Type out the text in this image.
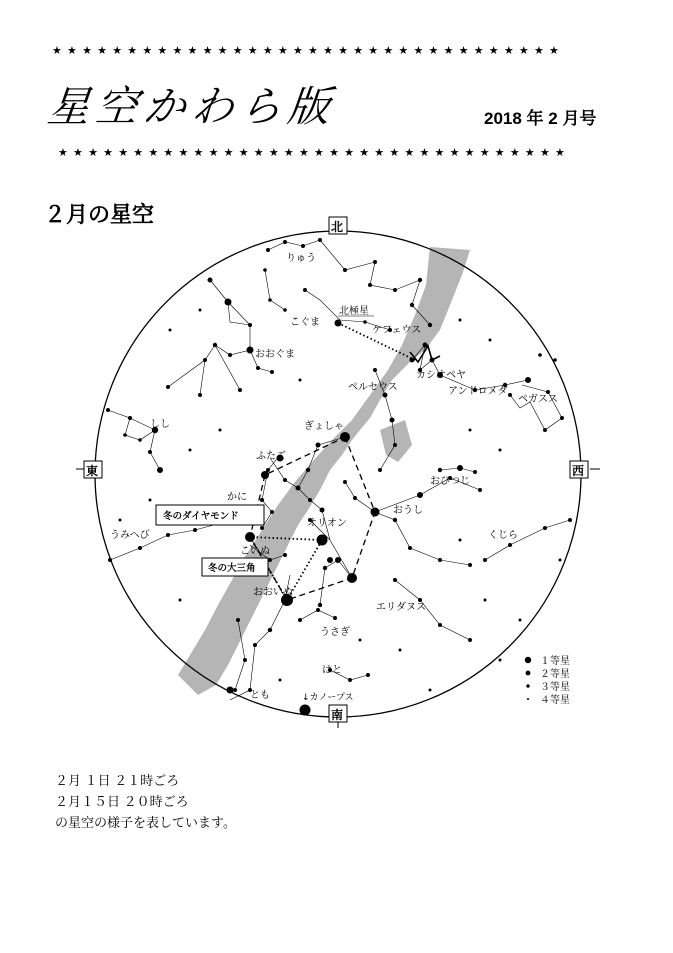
★★★★★★★★★★★★★★★★★★★★★★★★★★★★★★★★★★
星空かわら版	2018 年 2 月号
★★★★★★★★★★★★★★★★★★★★★★★★★★★★★★★★★★
２月の星空	北
南
東	西
りゅう
こぐま
北極星
ケフェウス
おおぐま
カシオペヤ
アンドロメダ
ペルセウス
ペガスス
しし	ぎょしゃ
ふたご
おひつじ
かに
おうし
うみへび
オリオン
くじら
こいぬ
おおいぬ
エリダヌス
うさぎ
はと
とも	↓カノープス
冬のダイヤモンド
冬の大三角
１等星
２等星
３等星
４等星
２月 １日 ２１時ごろ
２月１５日 ２０時ごろ
の星空の様子を表しています。
